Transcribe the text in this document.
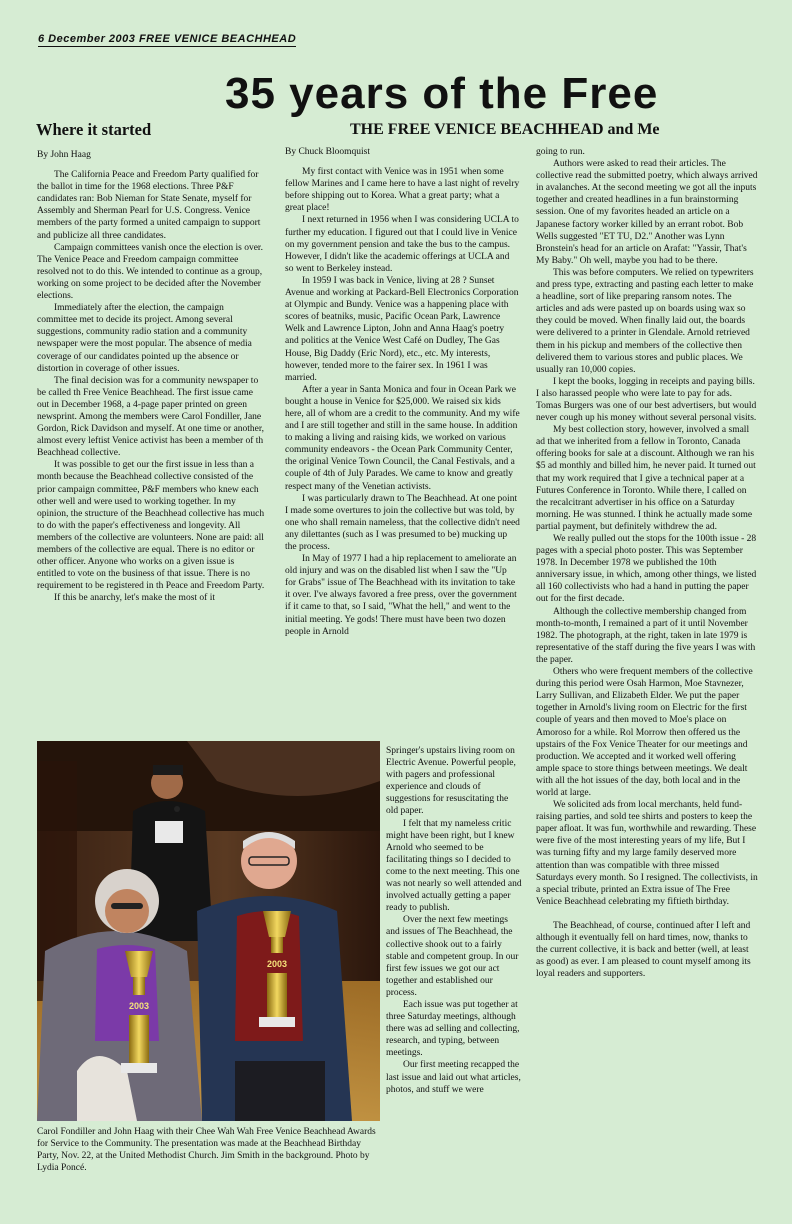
6 December 2003 FREE VENICE BEACHHEAD
35 years of the Free
Where it started	THE FREE VENICE BEACHHEAD and Me
By John Haag

The California Peace and Freedom Party qualified for the ballot in time for the 1968 elections. Three P&F candidates ran: Bob Nieman for State Senate, myself for Assembly and Sherman Pearl for U.S. Congress. Venice members of the party formed a united campaign to support and publicize all three candidates.

Campaign committees vanish once the election is over. The Venice Peace and Freedom campaign committee resolved not to do this. We intended to continue as a group, working on some project to be decided after the November elections.

Immediately after the election, the campaign committee met to decide its project. Among several suggestions, community radio station and a community newspaper were the most popular. The absence of media coverage of our candidates pointed up the absence or distortion in coverage of other issues.

The final decision was for a community newspaper to be called th Free Venice Beachhead. The first issue came out in December 1968, a 4-page paper printed on green newsprint. Among the members were Carol Fondiller, Jane Gordon, Rick Davidson and myself. At one time or another, almost every leftist Venice activist has been a member of th Beachhead collective.

It was possible to get our the first issue in less than a month because the Beachhead collective consisted of the prior campaign committee, P&F members who knew each other well and were used to working together. In my opinion, the structure of the Beachhead collective has much to do with the paper's effectiveness and longevity. All members of the collective are volunteers. None are paid: all members of the collective are equal. There is no editor or other officer. Anyone who works on a given issue is entitled to vote on the business of that issue. There is no requirement to be registered in th Peace and Freedom Party.

If this be anarchy, let's make the most of it

By Chuck Bloomquist

My first contact with Venice was in 1951 when some fellow Marines and I came here to have a last night of revelry before shipping out to Korea. What a great party; what a great place!

I next returned in 1956 when I was considering UCLA to further my education. I figured out that I could live in Venice on my government pension and take the bus to the campus. However, I didn't like the academic offerings at UCLA and so went to Berkeley instead.

In 1959 I was back in Venice, living at 28 ? Sunset Avenue and working at Packard-Bell Electronics Corporation at Olympic and Bundy. Venice was a happening place with scores of beatniks, music, Pacific Ocean Park, Lawrence Welk and Lawrence Lipton, John and Anna Haag's poetry and politics at the Venice West Café on Dudley, The Gas House, Big Daddy (Eric Nord), etc., etc. My interests, however, tended more to the fairer sex. In 1961 I was married.

After a year in Santa Monica and four in Ocean Park we bought a house in Venice for $25,000. We raised six kids here, all of whom are a credit to the community. And my wife and I are still together and still in the same house. In addition to making a living and raising kids, we worked on various community endeavors - the Ocean Park Community Center, the original Venice Town Council, the Canal Festivals, and a couple of 4th of July Parades. We came to know and greatly respect many of the Venetian activists.

I was particularly drawn to The Beachhead. At one point I made some overtures to join the collective but was told, by one who shall remain nameless, that the collective didn't need any dilettantes (such as I was presumed to be) mucking up the process.

In May of 1977 I had a hip replacement to ameliorate an old injury and was on the disabled list when I saw the "Up for Grabs" issue of The Beachhead with its invitation to take it over. I've always favored a free press, over the government if it came to that, so I said, "What the hell," and went to the initial meeting. Ye gods! There must have been two dozen people in Arnold

Springer's upstairs living room on Electric Avenue. Powerful people, with pagers and professional experience and clouds of suggestions for resuscitating the old paper.

I felt that my nameless critic might have been right, but I knew Arnold who seemed to be facilitating things so I decided to come to the next meeting. This one was not nearly so well attended and involved actually getting a paper ready to publish.

Over the next few meetings and issues of The Beachhead, the collective shook out to a fairly stable and competent group. In our first few issues we got our act together and established our process.

Each issue was put together at three Saturday meetings, although there was ad selling and collecting, research, and typing, between meetings.

Our first meeting recapped the last issue and laid out what articles, photos, and stuff we were

going to run.

Authors were asked to read their articles. The collective read the submitted poetry, which always arrived in avalanches. At the second meeting we got all the inputs together and created headlines in a fun brainstorming session. One of my favorites headed an article on a Japanese factory worker killed by an errant robot. Bob Wells suggested "ET TU, D2." Another was Lynn Bronstein's head for an article on Arafat: "Yassir, That's My Baby." Oh well, maybe you had to be there.

This was before computers. We relied on typewriters and press type, extracting and pasting each letter to make a headline, sort of like preparing ransom notes. The articles and ads were pasted up on boards using wax so they could be moved. When finally laid out, the boards were delivered to a printer in Glendale. Arnold retrieved them in his pickup and members of the collective then delivered them to various stores and public places. We usually ran 10,000 copies.

I kept the books, logging in receipts and paying bills. I also harassed people who were late to pay for ads. Tomas Burgers was one of our best advertisers, but would never cough up his money without several personal visits.

My best collection story, however, involved a small ad that we inherited from a fellow in Toronto, Canada offering books for sale at a discount. Although we ran his $5 ad monthly and billed him, he never paid. It turned out that my work required that I give a technical paper at a Futures Conference in Toronto. While there, I called on the recalcitrant advertiser in his office on a Saturday morning. He was stunned. I think he actually made some partial payment, but definitely withdrew the ad.

We really pulled out the stops for the 100th issue - 28 pages with a special photo poster. This was September 1978. In December 1978 we published the 10th anniversary issue, in which, among other things, we listed all 160 collectivists who had a hand in putting the paper out for the first decade.

Although the collective membership changed from month-to-month, I remained a part of it until November 1982. The photograph, at the right, taken in late 1979 is representative of the staff during the five years I was with the paper.

Others who were frequent members of the collective during this period were Osah Harmon, Moe Stavnezer, Larry Sullivan, and Elizabeth Elder. We put the paper together in Arnold's living room on Electric for the first couple of years and then moved to Moe's place on Amoroso for a while. Rol Morrow then offered us the upstairs of the Fox Venice Theater for our meetings and production. We accepted and it worked well offering ample space to store things between meetings. We dealt with all the hot issues of the day, both local and in the world at large.

We solicited ads from local merchants, held fund-raising parties, and sold tee shirts and posters to keep the paper afloat. It was fun, worthwhile and rewarding. These were five of the most interesting years of my life, But I was turning fifty and my large family deserved more attention than was compatible with three missed Saturdays every month. So I resigned. The collectivists, in a special tribute, printed an Extra issue of The Free Venice Beachhead celebrating my fiftieth birthday.

The Beachhead, of course, continued after I left and although it eventually fell on hard times, now, thanks to the current collective, it is back and better (well, at least as good) as ever. I am pleased to count myself among its loyal readers and supporters.

2003
2003
Carol Fondiller and John Haag with their Chee Wah Wah Free Venice Beachhead Awards for Service to the Community. The presentation was made at the Beachhead Birthday Party, Nov. 22, at the United Methodist Church. Jim Smith in the background. Photo by Lydia Poncé.
